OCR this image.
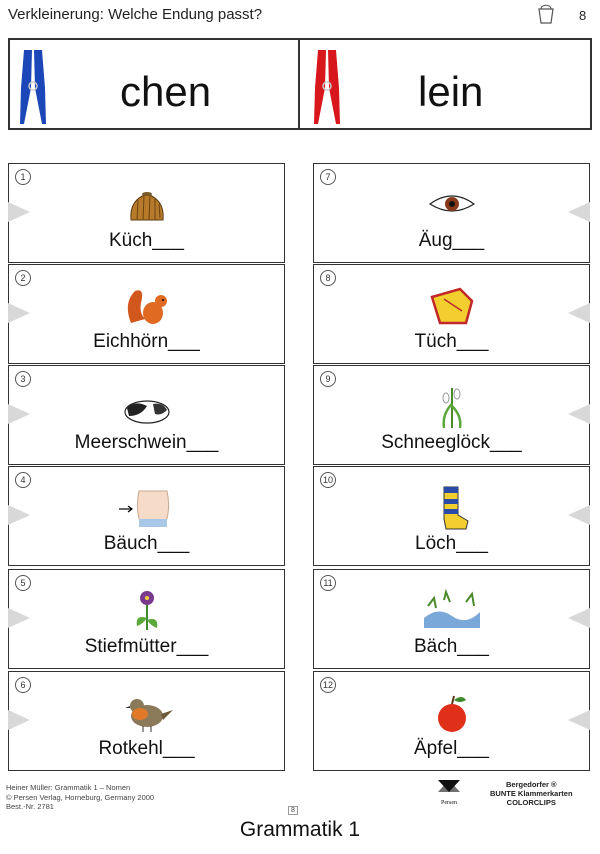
Verkleinerung: Welche Endung passt?	8
chen	lein
1
Küch___
2
Eichhörn___
3
Meerschwein___
4
Bäuch___
5
Stiefmütter___
6
Rotkehl___
7
Äug___
8
Tüch___
9
Schneeglöck___
10
Löch___
11
Bäch___
12
Äpfel___
Heiner Müller: Grammatik 1 – Nomen
© Persen Verlag, Horneburg, Germany 2000
Best.-Nr. 2781	8
Persen
Bergedorfer ®
BUNTE Klammerkarten
COLORCLIPS
Grammatik 1
